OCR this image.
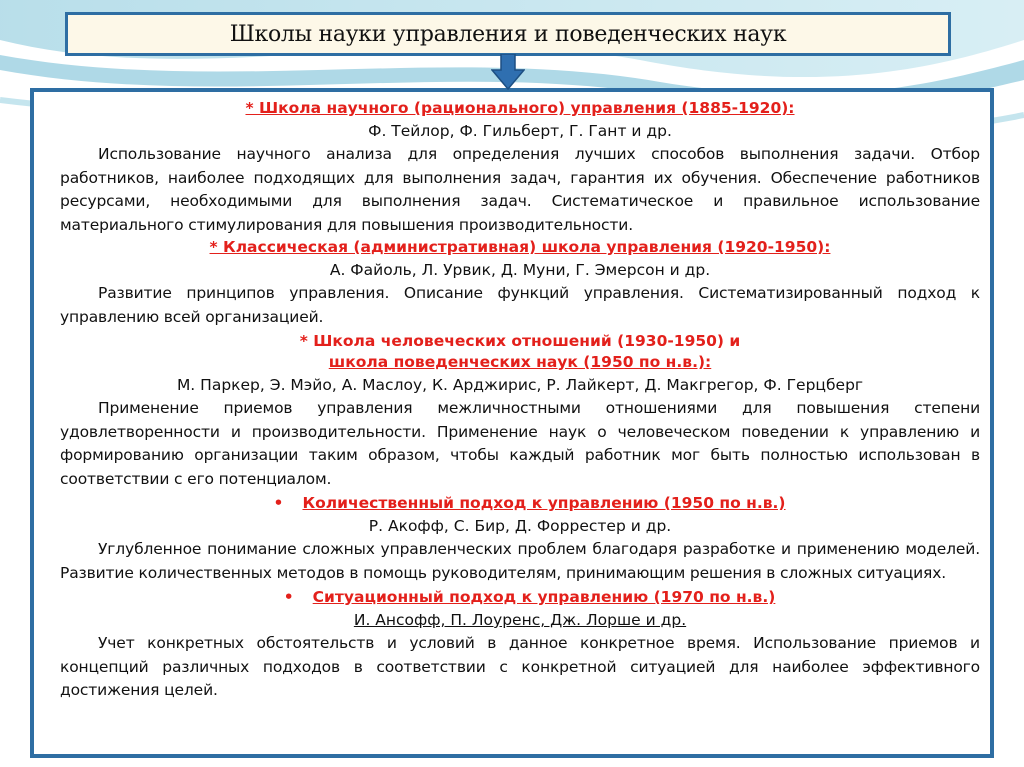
Школы науки управления и поведенческих наук

* Школа научного (рационального) управления (1885-1920):

Ф. Тейлор, Ф. Гильберт, Г. Гант и др.

Использование научного анализа для определения лучших способов выполнения задачи. Отбор работников, наиболее подходящих для выполнения задач, гарантия их обучения. Обеспечение работников ресурсами, необходимыми для выполнения задач. Систематическое и правильное использование материального стимулирования для повышения производительности.

* Классическая (административная) школа управления (1920-1950):

А. Файоль, Л. Урвик, Д. Муни, Г. Эмерсон и др.

Развитие принципов управления. Описание функций управления. Систематизированный подход к управлению всей организацией.

* Школа человеческих отношений (1930-1950) и

школа поведенческих наук (1950 по н.в.):

М. Паркер, Э. Мэйо, А. Маслоу, К. Арджирис, Р. Лайкерт, Д. Макгрегор, Ф. Герцберг

Применение приемов управления межличностными отношениями для повышения степени удовлетворенности и производительности. Применение наук о человеческом поведении к управлению и формированию организации таким образом, чтобы каждый работник мог быть полностью использован в соответствии с его потенциалом.

• Количественный подход к управлению (1950 по н.в.)

Р. Акофф, С. Бир, Д. Форрестер и др.

Углубленное понимание сложных управленческих проблем благодаря разработке и применению моделей. Развитие количественных методов в помощь руководителям, принимающим решения в сложных ситуациях.

• Ситуационный подход к управлению (1970 по н.в.)

И. Ансофф, П. Лоуренс, Дж. Лорше и др.

Учет конкретных обстоятельств и условий в данное конкретное время. Использование приемов и концепций различных подходов в соответствии с конкретной ситуацией для наиболее эффективного достижения целей.
